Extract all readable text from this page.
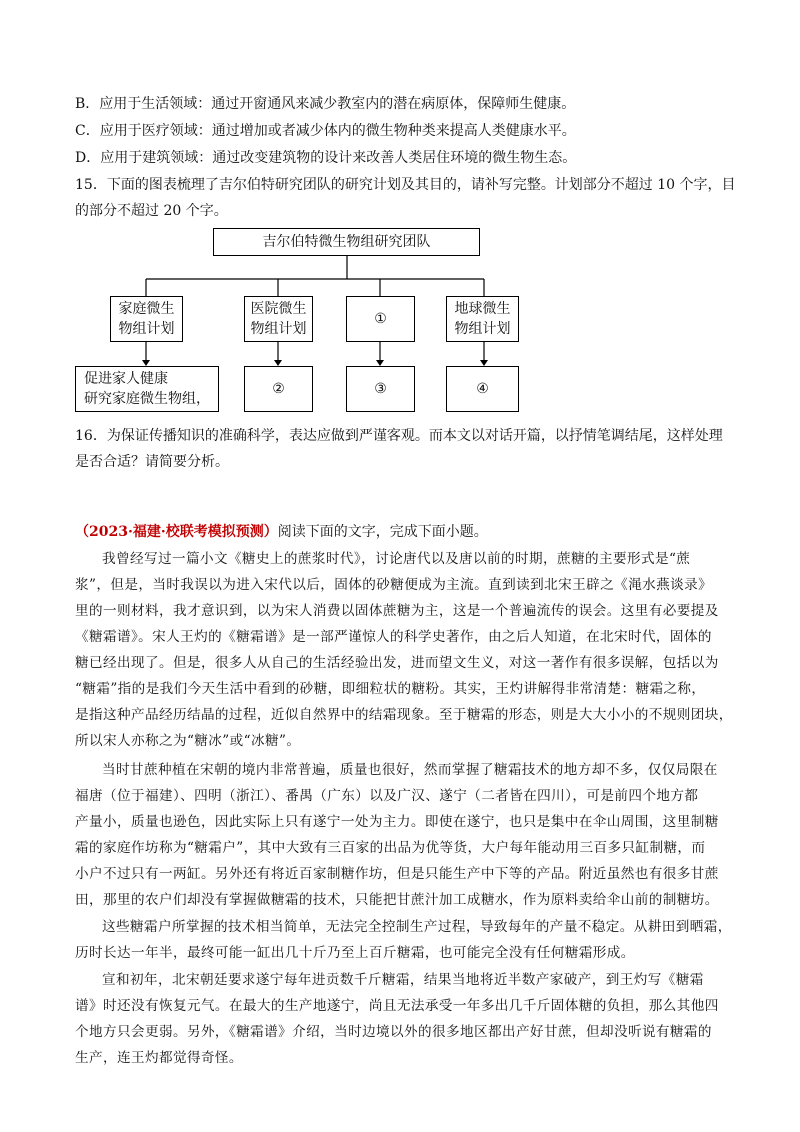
B．应用于生活领域：通过开窗通风来减少教室内的潜在病原体，保障师生健康。
C．应用于医疗领域：通过增加或者减少体内的微生物种类来提高人类健康水平。
D．应用于建筑领域：通过改变建筑物的设计来改善人类居住环境的微生物生态。
15．下面的图表梳理了吉尔伯特研究团队的研究计划及其目的，请补写完整。计划部分不超过 10 个字，目
的部分不超过 20 个字。
吉尔伯特微生物组研究团队
家庭微生
物组计划
医院微生
物组计划
①
地球微生
物组计划
促进家人健康
研究家庭微生物组，
②	③	④
16．为保证传播知识的准确科学，表达应做到严谨客观。而本文以对话开篇，以抒情笔调结尾，这样处理
是否合适？请简要分析。
（2023·福建·校联考模拟预测）阅读下面的文字，完成下面小题。
我曾经写过一篇小文《糖史上的蔗浆时代》，讨论唐代以及唐以前的时期，蔗糖的主要形式是“蔗
浆”，但是，当时我误以为进入宋代以后，固体的砂糖便成为主流。直到读到北宋王辟之《渑水燕谈录》
里的一则材料，我才意识到，以为宋人消费以固体蔗糖为主，这是一个普遍流传的误会。这里有必要提及
《糖霜谱》。宋人王灼的《糖霜谱》是一部严谨惊人的科学史著作，由之后人知道，在北宋时代，固体的
糖已经出现了。但是，很多人从自己的生活经验出发，进而望文生义，对这一著作有很多误解，包括以为
“糖霜”指的是我们今天生活中看到的砂糖，即细粒状的糖粉。其实，王灼讲解得非常清楚：糖霜之称，
是指这种产品经历结晶的过程，近似自然界中的结霜现象。至于糖霜的形态，则是大大小小的不规则团块，
所以宋人亦称之为“糖冰”或“冰糖”。
当时甘蔗种植在宋朝的境内非常普遍，质量也很好，然而掌握了糖霜技术的地方却不多，仅仅局限在
福唐（位于福建）、四明（浙江）、番禺（广东）以及广汉、遂宁（二者皆在四川），可是前四个地方都
产量小，质量也逊色，因此实际上只有遂宁一处为主力。即使在遂宁，也只是集中在伞山周围，这里制糖
霜的家庭作坊称为“糖霜户”，其中大致有三百家的出品为优等货，大户每年能动用三百多只缸制糖，而
小户不过只有一两缸。另外还有将近百家制糖作坊，但是只能生产中下等的产品。附近虽然也有很多甘蔗
田，那里的农户们却没有掌握做糖霜的技术，只能把甘蔗汁加工成糖水，作为原料卖给伞山前的制糖坊。
这些糖霜户所掌握的技术相当简单，无法完全控制生产过程，导致每年的产量不稳定。从耕田到晒霜，
历时长达一年半，最终可能一缸出几十斤乃至上百斤糖霜，也可能完全没有任何糖霜形成。
宣和初年，北宋朝廷要求遂宁每年进贡数千斤糖霜，结果当地将近半数产家破产，到王灼写《糖霜
谱》时还没有恢复元气。在最大的生产地遂宁，尚且无法承受一年多出几千斤固体糖的负担，那么其他四
个地方只会更弱。另外，《糖霜谱》介绍，当时边境以外的很多地区都出产好甘蔗，但却没听说有糖霜的
生产，连王灼都觉得奇怪。
